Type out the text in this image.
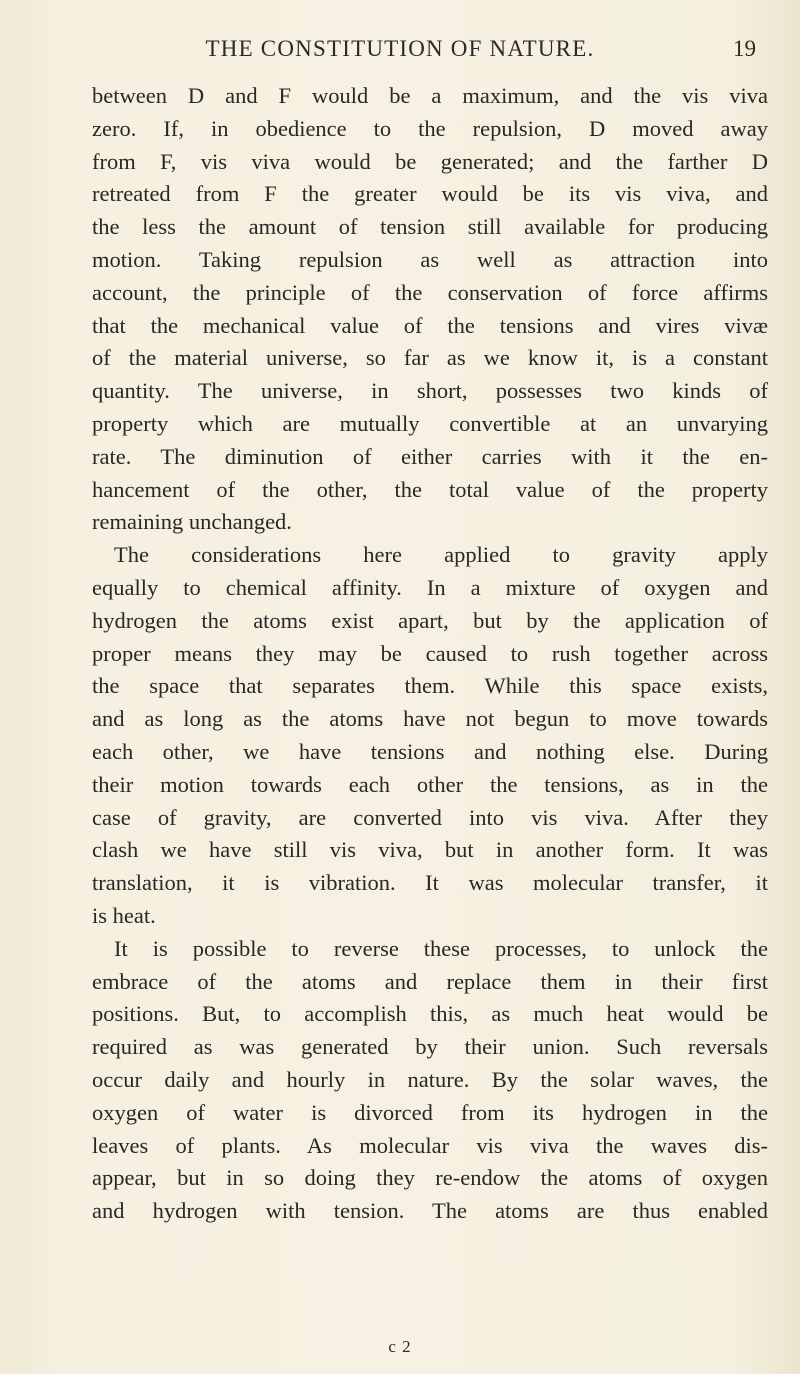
THE CONSTITUTION OF NATURE.	19
between D and F would be a maximum, and the vis viva
zero. If, in obedience to the repulsion, D moved away
from F, vis viva would be generated; and the farther D
retreated from F the greater would be its vis viva, and
the less the amount of tension still available for producing
motion. Taking repulsion as well as attraction into
account, the principle of the conservation of force affirms
that the mechanical value of the tensions and vires vivæ
of the material universe, so far as we know it, is a constant
quantity. The universe, in short, possesses two kinds of
property which are mutually convertible at an unvarying
rate. The diminution of either carries with it the en-
hancement of the other, the total value of the property
remaining unchanged.
The considerations here applied to gravity apply
equally to chemical affinity. In a mixture of oxygen and
hydrogen the atoms exist apart, but by the application of
proper means they may be caused to rush together across
the space that separates them. While this space exists,
and as long as the atoms have not begun to move towards
each other, we have tensions and nothing else. During
their motion towards each other the tensions, as in the
case of gravity, are converted into vis viva. After they
clash we have still vis viva, but in another form. It was
translation, it is vibration. It was molecular transfer, it
is heat.
It is possible to reverse these processes, to unlock the
embrace of the atoms and replace them in their first
positions. But, to accomplish this, as much heat would be
required as was generated by their union. Such reversals
occur daily and hourly in nature. By the solar waves, the
oxygen of water is divorced from its hydrogen in the
leaves of plants. As molecular vis viva the waves dis-
appear, but in so doing they re-endow the atoms of oxygen
and hydrogen with tension. The atoms are thus enabled
c 2
